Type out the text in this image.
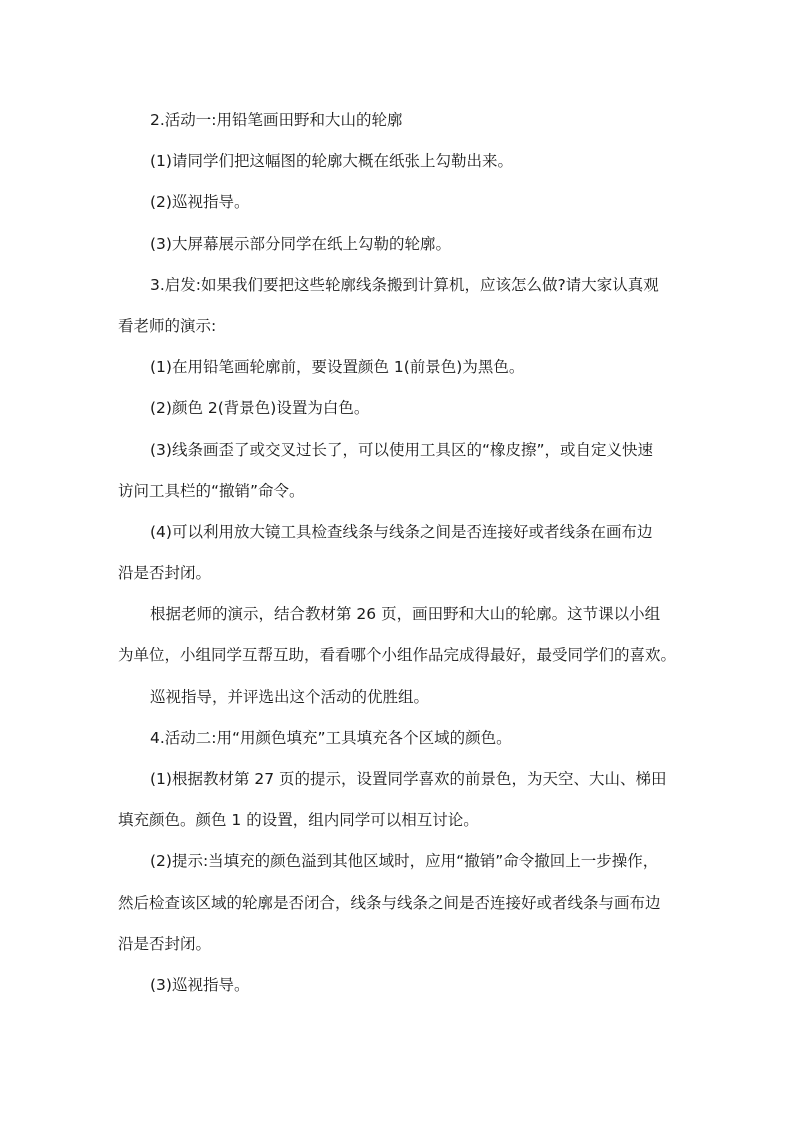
2.活动一:用铅笔画田野和大山的轮廓
(1)请同学们把这幅图的轮廓大概在纸张上勾勒出来。
(2)巡视指导。
(3)大屏幕展示部分同学在纸上勾勒的轮廓。
3.启发:如果我们要把这些轮廓线条搬到计算机，应该怎么做?请大家认真观
看老师的演示:
(1)在用铅笔画轮廓前，要设置颜色 1(前景色)为黑色。
(2)颜色 2(背景色)设置为白色。
(3)线条画歪了或交叉过长了，可以使用工具区的“橡皮擦”，或自定义快速
访问工具栏的“撤销”命令。
(4)可以利用放大镜工具检查线条与线条之间是否连接好或者线条在画布边
沿是否封闭。
根据老师的演示，结合教材第 26 页，画田野和大山的轮廓。这节课以小组
为单位，小组同学互帮互助，看看哪个小组作品完成得最好，最受同学们的喜欢。
巡视指导，并评选出这个活动的优胜组。
4.活动二:用“用颜色填充”工具填充各个区域的颜色。
(1)根据教材第 27 页的提示，设置同学喜欢的前景色，为天空、大山、梯田
填充颜色。颜色 1 的设置，组内同学可以相互讨论。
(2)提示:当填充的颜色溢到其他区域时，应用“撤销”命令撤回上一步操作，
然后检查该区域的轮廓是否闭合，线条与线条之间是否连接好或者线条与画布边
沿是否封闭。
(3)巡视指导。
